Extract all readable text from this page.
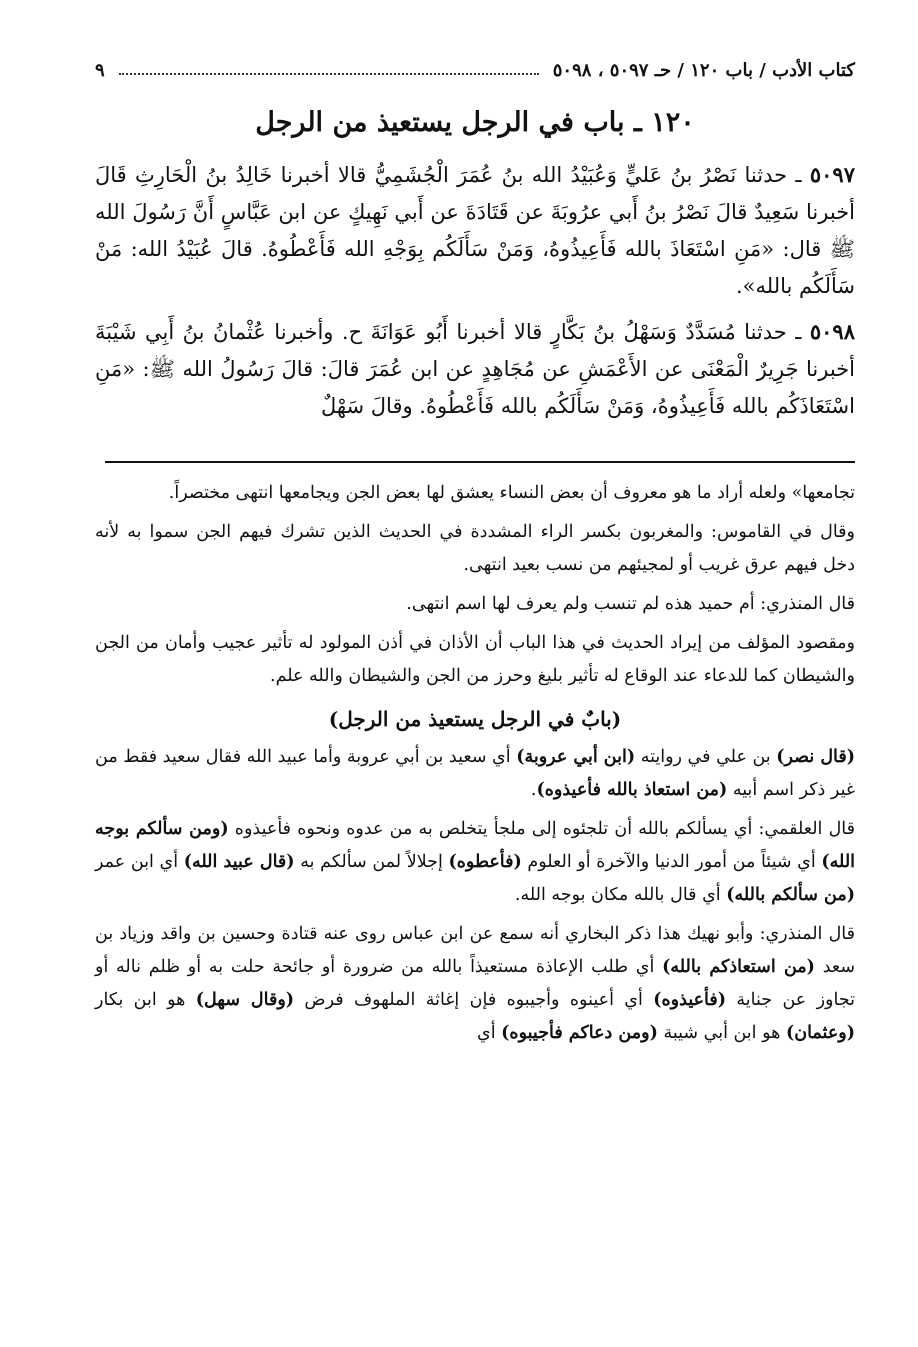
كتاب الأدب / باب ١٢٠ / حـ ٥٠٩٧ ، ٥٠٩٨
٩
١٢٠ ـ باب في الرجل يستعيذ من الرجل

٥٠٩٧ ـ حدثنا نَصْرُ بنُ عَليٍّ وَعُبَيْدُ الله بنُ عُمَرَ الْجُشَمِيُّ قالا أخبرنا خَالِدُ بنُ الْحَارِثِ قَالَ أخبرنا سَعِيدٌ قالَ نَصْرُ بنُ أَبي عرُوبَةَ عن قَتَادَةَ عن أَبي نَهِيكٍ عن ابن عَبَّاسٍ أَنَّ رَسُولَ الله ﷺ قال: «مَنِ اسْتَعَاذَ بالله فَأَعِيذُوهُ، وَمَنْ سَأَلَكُم بِوَجْهِ الله فَأَعْطُوهُ. قالَ عُبَيْدُ الله: مَنْ سَأَلَكُم بالله».

٥٠٩٨ ـ حدثنا مُسَدَّدٌ وَسَهْلُ بنُ بَكَّارٍ قالا أخبرنا أَبُو عَوَانَةَ ح. وأخبرنا عُثْمانُ بنُ أَبِي شَيْبَةَ أخبرنا جَرِيرٌ الْمَعْنَى عن الأَعْمَشِ عن مُجَاهِدٍ عن ابن عُمَرَ قالَ: قالَ رَسُولُ الله ﷺ: «مَنِ اسْتَعَاذَكُم بالله فَأَعِيذُوهُ، وَمَنْ سَأَلَكُم بالله فَأَعْطُوهُ. وقالَ سَهْلٌ

تجامعها» ولعله أراد ما هو معروف أن بعض النساء يعشق لها بعض الجن ويجامعها انتهى مختصراً.

وقال في القاموس: والمغربون بكسر الراء المشددة في الحديث الذين تشرك فيهم الجن سموا به لأنه دخل فيهم عرق غريب أو لمجيئهم من نسب بعيد انتهى.

قال المنذري: أم حميد هذه لم تنسب ولم يعرف لها اسم انتهى.

ومقصود المؤلف من إيراد الحديث في هذا الباب أن الأذان في أذن المولود له تأثير عجيب وأمان من الجن والشيطان كما للدعاء عند الوقاع له تأثير بليغ وحرز من الجن والشيطان والله علم.

(بابٌ في الرجل يستعيذ من الرجل)

(قال نصر) بن علي في روايته (ابن أبي عروبة) أي سعيد بن أبي عروبة وأما عبيد الله فقال سعيد فقط من غير ذكر اسم أبيه (من استعاذ بالله فأعيذوه).

قال العلقمي: أي يسألكم بالله أن تلجئوه إلى ملجأ يتخلص به من عدوه ونحوه فأعيذوه (ومن سألكم بوجه الله) أي شيئاً من أمور الدنيا والآخرة أو العلوم (فأعطوه) إجلالاً لمن سألكم به (قال عبيد الله) أي ابن عمر (من سألكم بالله) أي قال بالله مكان بوجه الله.

قال المنذري: وأبو نهيك هذا ذكر البخاري أنه سمع عن ابن عباس روى عنه قتادة وحسين بن واقد وزياد بن سعد (من استعاذكم بالله) أي طلب الإعاذة مستعيذاً بالله من ضرورة أو جائحة حلت به أو ظلم ناله أو تجاوز عن جناية (فأعيذوه) أي أعينوه وأجيبوه فإن إغاثة الملهوف فرض (وقال سهل) هو ابن بكار (وعثمان) هو ابن أبي شيبة (ومن دعاكم فأجيبوه) أي
